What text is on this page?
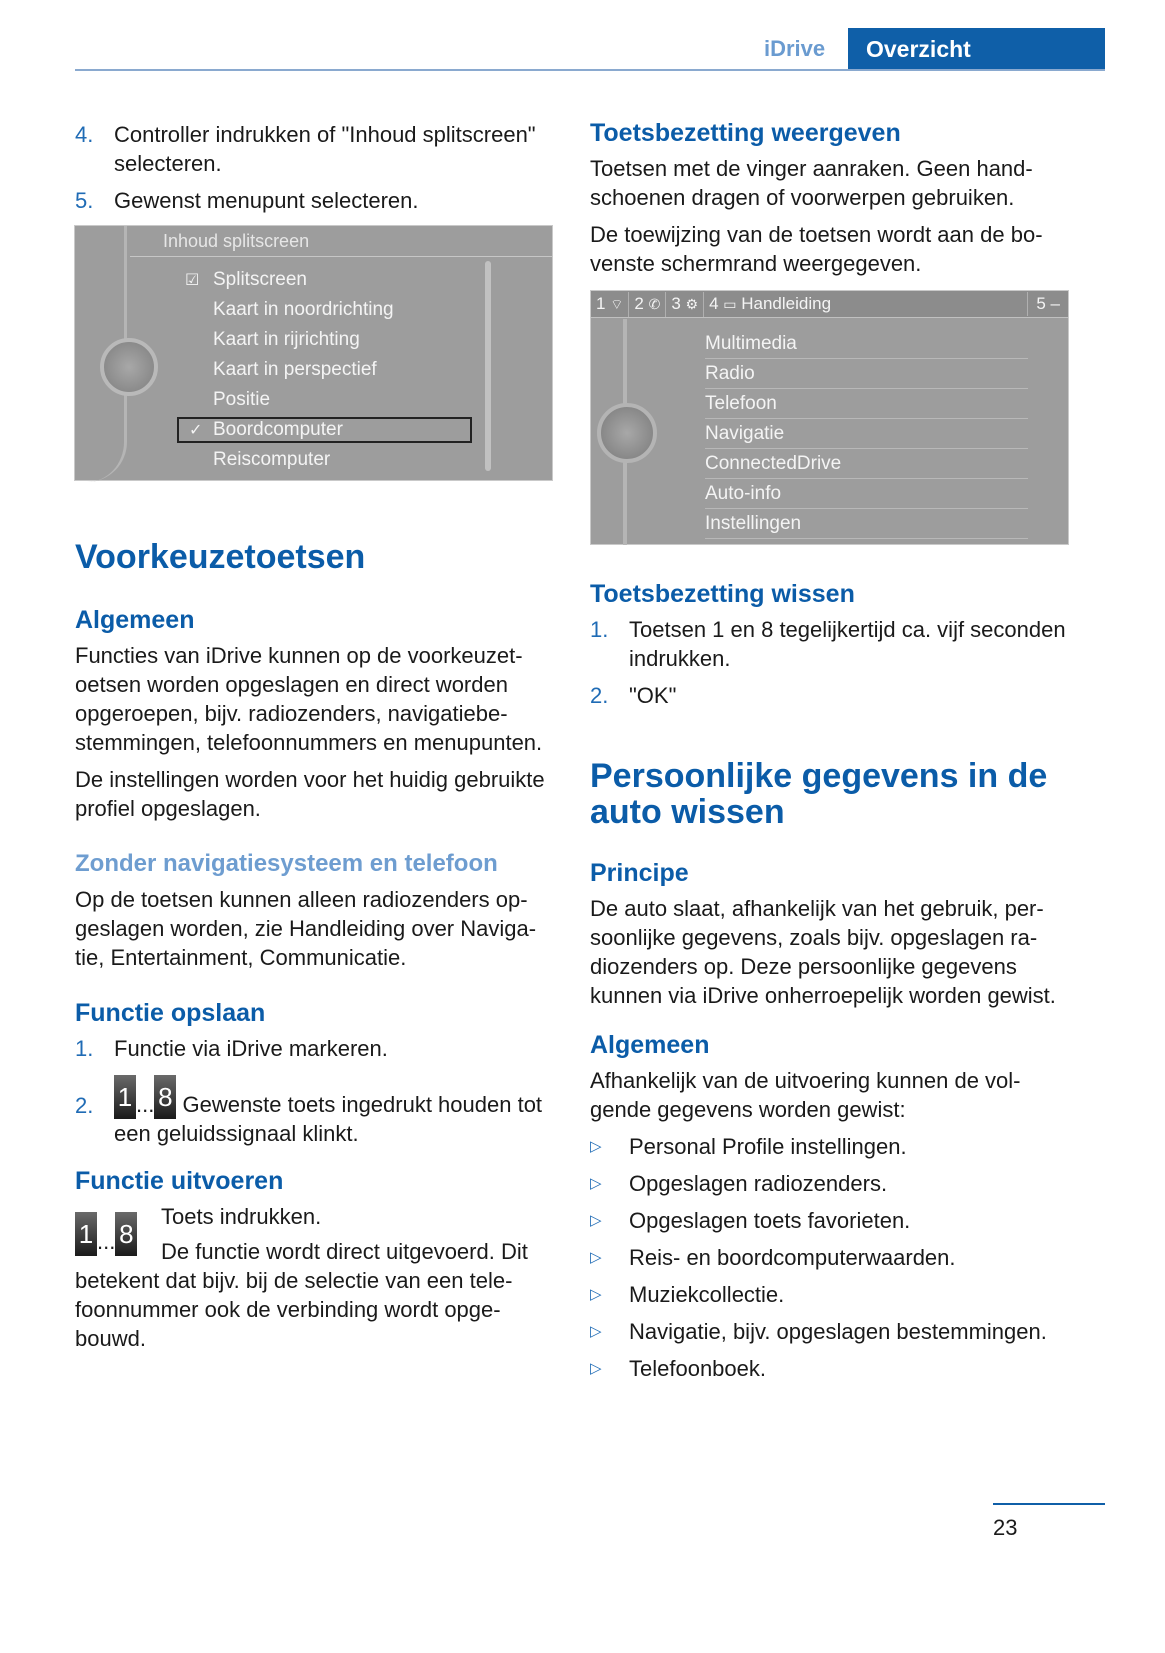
iDrive	Overzicht
4. Controller indrukken of "Inhoud splitscreen" selecteren.
5. Gewenst menupunt selecteren.
Inhoud splitscreen
☑ Splitscreen
Kaart in noordrichting
Kaart in rijrichting
Kaart in perspectief
Positie
✓ Boordcomputer
Reiscomputer
Voorkeuzetoetsen
Algemeen
Functies van iDrive kunnen op de voorkeuzetoetsen worden opgeslagen en direct worden opgeroepen, bijv. radiozenders, navigatiebestemmingen, telefoonnummers en menupunten.
De instellingen worden voor het huidig gebruikte profiel opgeslagen.
Zonder navigatiesysteem en telefoon
Op de toetsen kunnen alleen radiozenders opgeslagen worden, zie Handleiding over Navigatie, Entertainment, Communicatie.
Functie opslaan
1. Functie via iDrive markeren.
2. 1 ... 8 Gewenste toets ingedrukt houden tot een geluidssignaal klinkt.
Functie uitvoeren
1 ... 8
Toets indrukken.
De functie wordt direct uitgevoerd. Dit
betekent dat bijv. bij de selectie van een telefoonnummer ook de verbinding wordt opgebouwd.
Toetsbezetting weergeven
Toetsen met de vinger aanraken. Geen handschoenen dragen of voorwerpen gebruiken.
De toewijzing van de toetsen wordt aan de bovenste schermrand weergegeven.
1 ⌔ 2 ✆ 3 ⚙ 4 ▭ Handleiding	5 –
Multimedia
Radio
Telefoon
Navigatie
ConnectedDrive
Auto-info
Instellingen
Toetsbezetting wissen
1. Toetsen 1 en 8 tegelijkertijd ca. vijf seconden indrukken.
2. "OK"
Persoonlijke gegevens in de auto wissen
Principe
De auto slaat, afhankelijk van het gebruik, persoonlijke gegevens, zoals bijv. opgeslagen radiozenders op. Deze persoonlijke gegevens kunnen via iDrive onherroepelijk worden gewist.
Algemeen
Afhankelijk van de uitvoering kunnen de volgende gegevens worden gewist:
▷	Personal Profile instellingen.
▷	Opgeslagen radiozenders.
▷	Opgeslagen toets favorieten.
▷	Reis- en boordcomputerwaarden.
▷	Muziekcollectie.
▷	Navigatie, bijv. opgeslagen bestemmingen.
▷	Telefoonboek.
23
